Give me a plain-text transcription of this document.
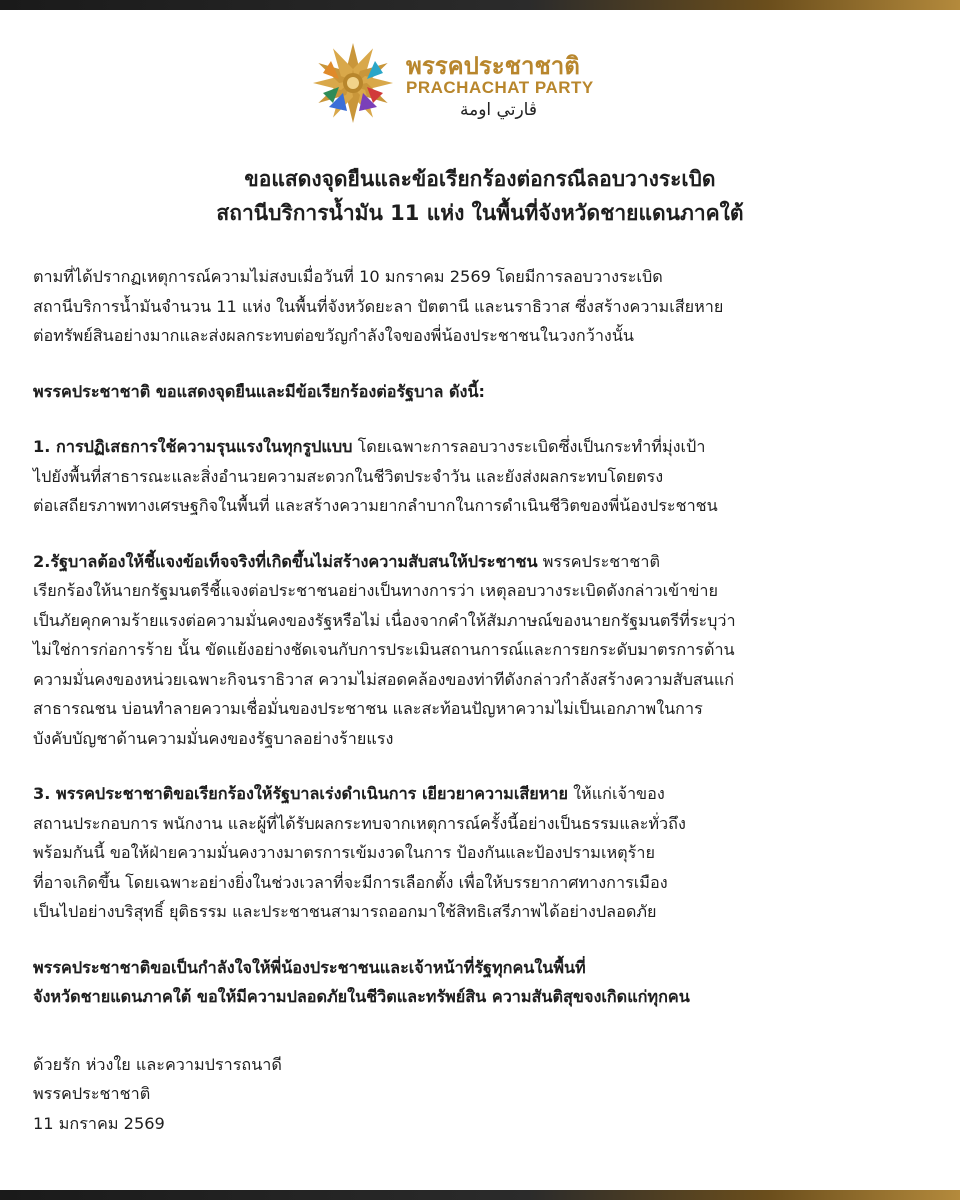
พรรคประชาชาติ
PRACHACHAT PARTY
ڤارتي اومة
ขอแสดงจุดยืนและข้อเรียกร้องต่อกรณีลอบวางระเบิด
สถานีบริการน้ำมัน 11 แห่ง ในพื้นที่จังหวัดชายแดนภาคใต้
ตามที่ได้ปรากฏเหตุการณ์ความไม่สงบเมื่อวันที่ 10 มกราคม 2569 โดยมีการลอบวางระเบิด
สถานีบริการน้ำมันจำนวน 11 แห่ง ในพื้นที่จังหวัดยะลา ปัตตานี และนราธิวาส ซึ่งสร้างความเสียหาย
ต่อทรัพย์สินอย่างมากและส่งผลกระทบต่อขวัญกำลังใจของพี่น้องประชาชนในวงกว้างนั้น
พรรคประชาชาติ ขอแสดงจุดยืนและมีข้อเรียกร้องต่อรัฐบาล ดังนี้:
1. การปฏิเสธการใช้ความรุนแรงในทุกรูปแบบ โดยเฉพาะการลอบวางระเบิดซึ่งเป็นกระทำที่มุ่งเป้า
ไปยังพื้นที่สาธารณะและสิ่งอำนวยความสะดวกในชีวิตประจำวัน และยังส่งผลกระทบโดยตรง
ต่อเสถียรภาพทางเศรษฐกิจในพื้นที่ และสร้างความยากลำบากในการดำเนินชีวิตของพี่น้องประชาชน
2.รัฐบาลต้องให้ชี้แจงข้อเท็จจริงที่เกิดขึ้นไม่สร้างความสับสนให้ประชาชน พรรคประชาชาติ
เรียกร้องให้นายกรัฐมนตรีชี้แจงต่อประชาชนอย่างเป็นทางการว่า เหตุลอบวางระเบิดดังกล่าวเข้าข่าย
เป็นภัยคุกคามร้ายแรงต่อความมั่นคงของรัฐหรือไม่ เนื่องจากคำให้สัมภาษณ์ของนายกรัฐมนตรีที่ระบุว่า
ไม่ใช่การก่อการร้าย นั้น ขัดแย้งอย่างชัดเจนกับการประเมินสถานการณ์และการยกระดับมาตรการด้าน
ความมั่นคงของหน่วยเฉพาะกิจนราธิวาส ความไม่สอดคล้องของท่าทีดังกล่าวกำลังสร้างความสับสนแก่
สาธารณชน บ่อนทำลายความเชื่อมั่นของประชาชน และสะท้อนปัญหาความไม่เป็นเอกภาพในการ
บังคับบัญชาด้านความมั่นคงของรัฐบาลอย่างร้ายแรง
3. พรรคประชาชาติขอเรียกร้องให้รัฐบาลเร่งดำเนินการ เยียวยาความเสียหาย ให้แก่เจ้าของ
สถานประกอบการ พนักงาน และผู้ที่ได้รับผลกระทบจากเหตุการณ์ครั้งนี้อย่างเป็นธรรมและทั่วถึง
พร้อมกันนี้ ขอให้ฝ่ายความมั่นคงวางมาตรการเข้มงวดในการ ป้องกันและป้องปรามเหตุร้าย
ที่อาจเกิดขึ้น โดยเฉพาะอย่างยิ่งในช่วงเวลาที่จะมีการเลือกตั้ง เพื่อให้บรรยากาศทางการเมือง
เป็นไปอย่างบริสุทธิ์ ยุติธรรม และประชาชนสามารถออกมาใช้สิทธิเสรีภาพได้อย่างปลอดภัย
พรรคประชาชาติขอเป็นกำลังใจให้พี่น้องประชาชนและเจ้าหน้าที่รัฐทุกคนในพื้นที่
จังหวัดชายแดนภาคใต้ ขอให้มีความปลอดภัยในชีวิตและทรัพย์สิน ความสันติสุขจงเกิดแก่ทุกคน
ด้วยรัก ห่วงใย และความปรารถนาดี
พรรคประชาชาติ
11 มกราคม 2569
